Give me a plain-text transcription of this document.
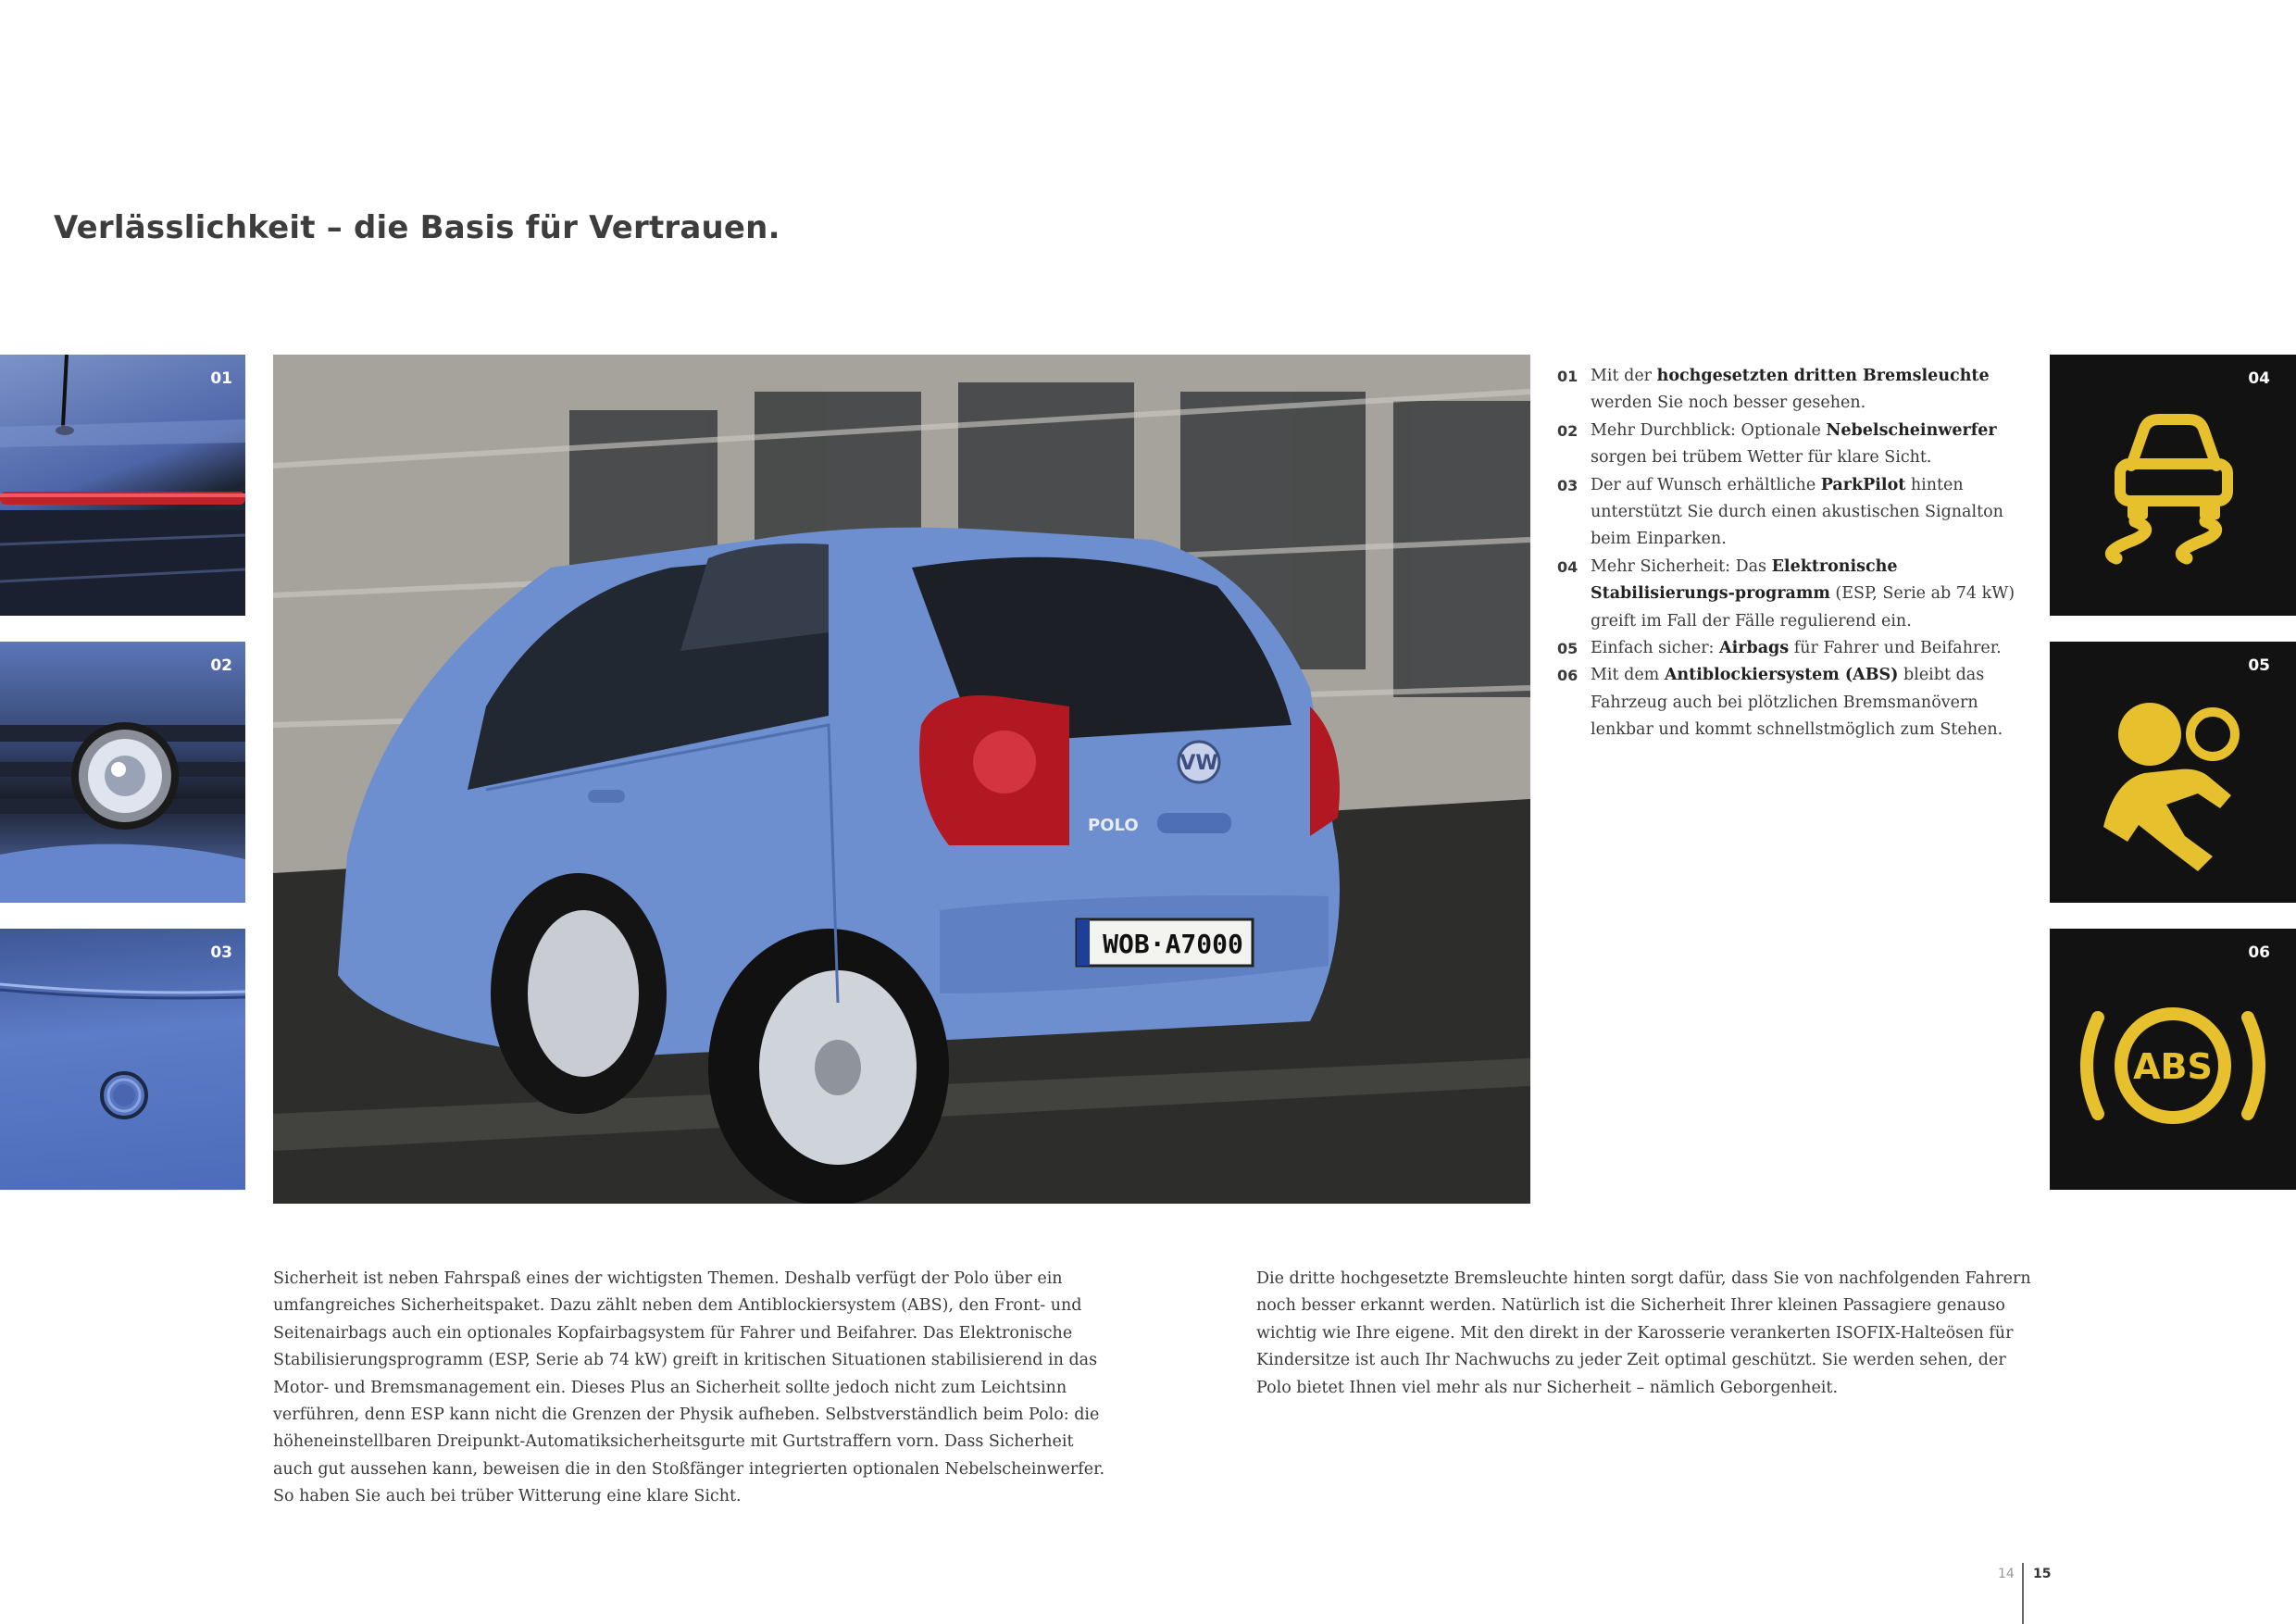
Verlässlichkeit – die Basis für Vertrauen.
01
02
03
VW
POLO
WOB·A7000
01 Mit der hochgesetzten dritten Bremsleuchte werden Sie noch besser gesehen.
02 Mehr Durchblick: Optionale Nebelscheinwerfer sorgen bei trübem Wetter für klare Sicht.
03 Der auf Wunsch erhältliche ParkPilot hinten unterstützt Sie durch einen akustischen Signalton beim Einparken.
04 Mehr Sicherheit: Das Elektronische Stabilisierungs-programm (ESP, Serie ab 74 kW) greift im Fall der Fälle regulierend ein.
05 Einfach sicher: Airbags für Fahrer und Beifahrer.
06 Mit dem Antiblockiersystem (ABS) bleibt das Fahrzeug auch bei plötzlichen Bremsmanövern lenkbar und kommt schnellstmöglich zum Stehen.
04
05
ABS
06

Sicherheit ist neben Fahrspaß eines der wichtigsten Themen. Deshalb verfügt der Polo über ein umfangreiches Sicherheitspaket. Dazu zählt neben dem Antiblockiersystem (ABS), den Front- und Seitenairbags auch ein optionales Kopfairbagsystem für Fahrer und Beifahrer. Das Elektronische Stabilisierungsprogramm (ESP, Serie ab 74 kW) greift in kritischen Situationen stabilisierend in das Motor- und Bremsmanagement ein. Dieses Plus an Sicherheit sollte jedoch nicht zum Leichtsinn verführen, denn ESP kann nicht die Grenzen der Physik aufheben. Selbstverständlich beim Polo: die höheneinstellbaren Dreipunkt-Automatiksicherheitsgurte mit Gurtstraffern vorn. Dass Sicherheit auch gut aussehen kann, beweisen die in den Stoßfänger integrierten optionalen Nebelscheinwerfer. So haben Sie auch bei trüber Witterung eine klare Sicht.

Die dritte hochgesetzte Bremsleuchte hinten sorgt dafür, dass Sie von nachfolgenden Fahrern noch besser erkannt werden. Natürlich ist die Sicherheit Ihrer kleinen Passagiere genauso wichtig wie Ihre eigene. Mit den direkt in der Karosserie verankerten ISOFIX-Halteösen für Kindersitze ist auch Ihr Nachwuchs zu jeder Zeit optimal geschützt. Sie werden sehen, der Polo bietet Ihnen viel mehr als nur Sicherheit – nämlich Geborgenheit.

14 15
